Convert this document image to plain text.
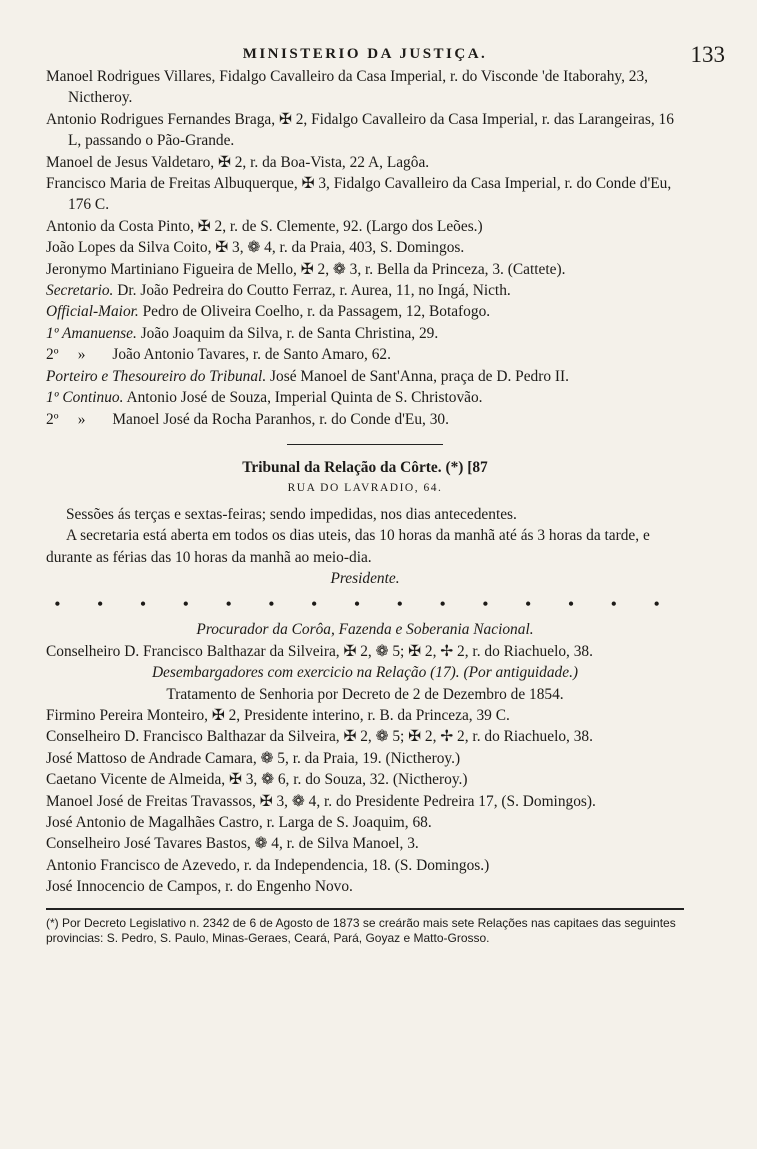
MINISTERIO DA JUSTIÇA.	133

Manoel Rodrigues Villares, Fidalgo Cavalleiro da Casa Imperial, r. do Visconde 'de Itaborahy, 23, Nictheroy.

Antonio Rodrigues Fernandes Braga, ✠ 2, Fidalgo Cavalleiro da Casa Imperial, r. das Larangeiras, 16 L, passando o Pão-Grande.

Manoel de Jesus Valdetaro, ✠ 2, r. da Boa-Vista, 22 A, Lagôa.

Francisco Maria de Freitas Albuquerque, ✠ 3, Fidalgo Cavalleiro da Casa Imperial, r. do Conde d'Eu, 176 C.

Antonio da Costa Pinto, ✠ 2, r. de S. Clemente, 92. (Largo dos Leões.)

João Lopes da Silva Coito, ✠ 3, ❁ 4, r. da Praia, 403, S. Domingos.

Jeronymo Martiniano Figueira de Mello, ✠ 2, ❁ 3, r. Bella da Princeza, 3. (Cattete).

Secretario. Dr. João Pedreira do Coutto Ferraz, r. Aurea, 11, no Ingá, Nicth.

Official-Maior. Pedro de Oliveira Coelho, r. da Passagem, 12, Botafogo.

1º Amanuense. João Joaquim da Silva, r. de Santa Christina, 29.

2º     »       João Antonio Tavares, r. de Santo Amaro, 62.

Porteiro e Thesoureiro do Tribunal. José Manoel de Sant'Anna, praça de D. Pedro II.

1º Continuo. Antonio José de Souza, Imperial Quinta de S. Christovão.

2º     »       Manoel José da Rocha Paranhos, r. do Conde d'Eu, 30.

Tribunal da Relação da Côrte. (*) [87
RUA DO LAVRADIO, 64.

Sessões ás terças e sextas-feiras; sendo impedidas, nos dias antecedentes.

A secretaria está aberta em todos os dias uteis, das 10 horas da manhã até ás 3 horas da tarde, e durante as férias das 10 horas da manhã ao meio-dia.

Presidente.

• • • • • • • • • • • • • • •

Procurador da Corôa, Fazenda e Soberania Nacional.

Conselheiro D. Francisco Balthazar da Silveira, ✠ 2, ❁ 5; ✠ 2, ✢ 2, r. do Riachuelo, 38.

Desembargadores com exercicio na Relação (17). (Por antiguidade.)
Tratamento de Senhoria por Decreto de 2 de Dezembro de 1854.

Firmino Pereira Monteiro, ✠ 2, Presidente interino, r. B. da Princeza, 39 C.

Conselheiro D. Francisco Balthazar da Silveira, ✠ 2, ❁ 5; ✠ 2, ✢ 2, r. do Riachuelo, 38.

José Mattoso de Andrade Camara, ❁ 5, r. da Praia, 19. (Nictheroy.)

Caetano Vicente de Almeida, ✠ 3, ❁ 6, r. do Souza, 32. (Nictheroy.)

Manoel José de Freitas Travassos, ✠ 3, ❁ 4, r. do Presidente Pedreira 17, (S. Domingos).

José Antonio de Magalhães Castro, r. Larga de S. Joaquim, 68.

Conselheiro José Tavares Bastos, ❁ 4, r. de Silva Manoel, 3.

Antonio Francisco de Azevedo, r. da Independencia, 18. (S. Domingos.)

José Innocencio de Campos, r. do Engenho Novo.

(*) Por Decreto Legislativo n. 2342 de 6 de Agosto de 1873 se creárão mais sete Relações nas capitaes das seguintes provincias: S. Pedro, S. Paulo, Minas-Geraes, Ceará, Pará, Goyaz e Matto-Grosso.
